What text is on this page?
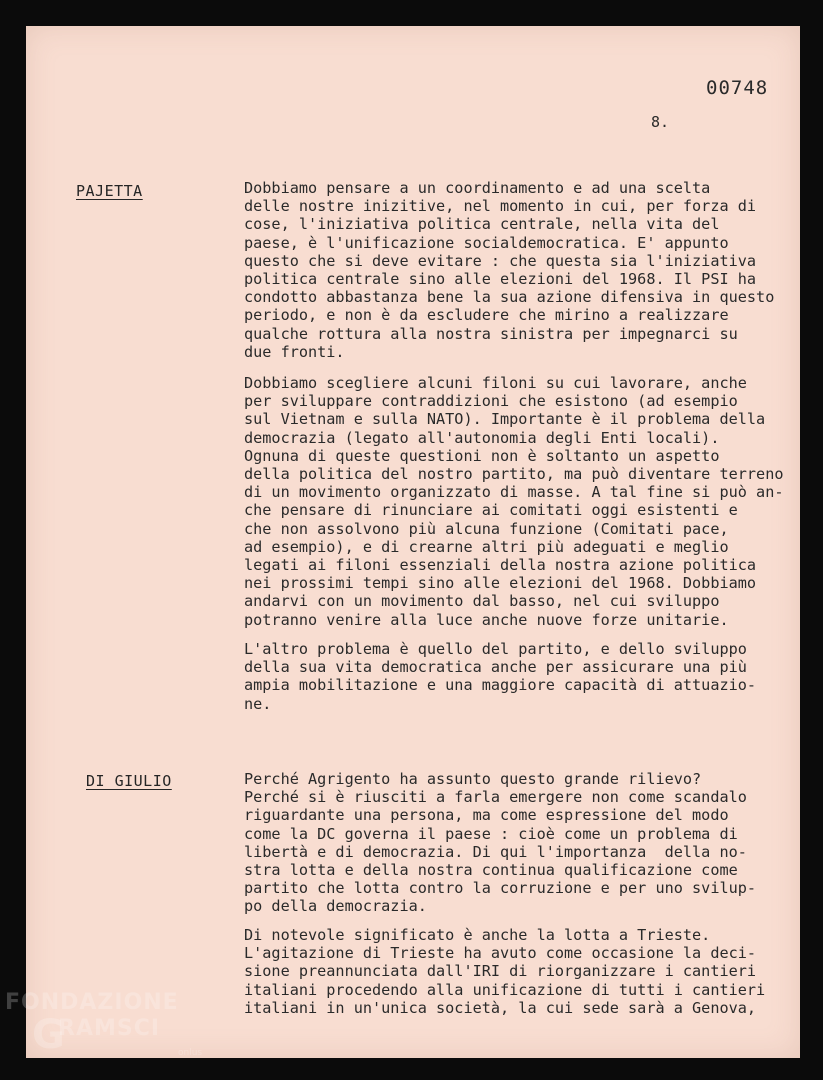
00748
8.
PAJETTA	Dobbiamo pensare a un coordinamento e ad una scelta
delle nostre inizitive, nel momento in cui, per forza di
cose, l'iniziativa politica centrale, nella vita del
paese, è l'unificazione socialdemocratica. E' appunto
questo che si deve evitare : che questa sia l'iniziativa
politica centrale sino alle elezioni del 1968. Il PSI ha
condotto abbastanza bene la sua azione difensiva in questo
periodo, e non è da escludere che mirino a realizzare
qualche rottura alla nostra sinistra per impegnarci su
due fronti.

Dobbiamo scegliere alcuni filoni su cui lavorare, anche
per sviluppare contraddizioni che esistono (ad esempio
sul Vietnam e sulla NATO). Importante è il problema della
democrazia (legato all'autonomia degli Enti locali).
Ognuna di queste questioni non è soltanto un aspetto
della politica del nostro partito, ma può diventare terreno
di un movimento organizzato di masse. A tal fine si può an-
che pensare di rinunciare ai comitati oggi esistenti e
che non assolvono più alcuna funzione (Comitati pace,
ad esempio), e di crearne altri più adeguati e meglio
legati ai filoni essenziali della nostra azione politica
nei prossimi tempi sino alle elezioni del 1968. Dobbiamo
andarvi con un movimento dal basso, nel cui sviluppo
potranno venire alla luce anche nuove forze unitarie.

L'altro problema è quello del partito, e dello sviluppo
della sua vita democratica anche per assicurare una più
ampia mobilitazione e una maggiore capacità di attuazio-
ne.

DI GIULIO	Perché Agrigento ha assunto questo grande rilievo?
Perché si è riusciti a farla emergere non come scandalo
riguardante una persona, ma come espressione del modo
come la DC governa il paese : cioè come un problema di
libertà e di democrazia. Di qui l'importanza  della no-
stra lotta e della nostra continua qualificazione come
partito che lotta contro la corruzione e per uno svilup-
po della democrazia.

Di notevole significato è anche la lotta a Trieste.
L'agitazione di Trieste ha avuto come occasione la deci-
sione preannunciata dall'IRI di riorganizzare i cantieri
italiani procedendo alla unificazione di tutti i cantieri
italiani in un'unica società, la cui sede sarà a Genova,

FONDAZIONE
G
RAMSCI
onlus
